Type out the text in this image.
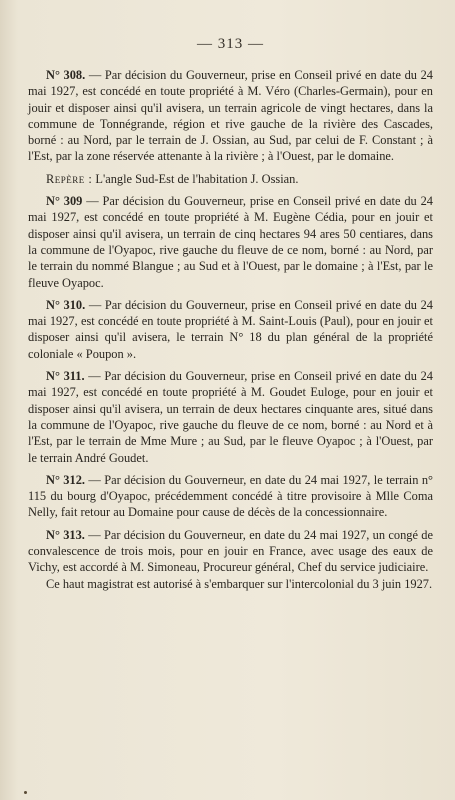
— 313 —

N° 308. — Par décision du Gouverneur, prise en Conseil privé en date du 24 mai 1927, est concédé en toute propriété à M. Véro (Charles-Germain), pour en jouir et disposer ainsi qu'il avisera, un terrain agricole de vingt hectares, dans la commune de Tonnégrande, région et rive gauche de la rivière des Cascades, borné : au Nord, par le terrain de J. Ossian, au Sud, par celui de F. Constant ; à l'Est, par la zone réservée attenante à la rivière ; à l'Ouest, par le domaine.

Repère : L'angle Sud-Est de l'habitation J. Ossian.

N° 309 — Par décision du Gouverneur, prise en Conseil privé en date du 24 mai 1927, est concédé en toute propriété à M. Eugène Cédia, pour en jouir et disposer ainsi qu'il avisera, un terrain de cinq hectares 94 ares 50 centiares, dans la commune de l'Oyapoc, rive gauche du fleuve de ce nom, borné : au Nord, par le terrain du nommé Blangue ; au Sud et à l'Ouest, par le domaine ; à l'Est, par le fleuve Oyapoc.

N° 310. — Par décision du Gouverneur, prise en Conseil privé en date du 24 mai 1927, est concédé en toute propriété à M. Saint-Louis (Paul), pour en jouir et disposer ainsi qu'il avisera, le terrain N° 18 du plan général de la propriété coloniale « Poupon ».

N° 311. — Par décision du Gouverneur, prise en Conseil privé en date du 24 mai 1927, est concédé en toute propriété à M. Goudet Euloge, pour en jouir et disposer ainsi qu'il avisera, un terrain de deux hectares cinquante ares, situé dans la commune de l'Oyapoc, rive gauche du fleuve de ce nom, borné : au Nord et à l'Est, par le terrain de Mme Mure ; au Sud, par le fleuve Oyapoc ; à l'Ouest, par le terrain André Goudet.

N° 312. — Par décision du Gouverneur, en date du 24 mai 1927, le terrain n° 115 du bourg d'Oyapoc, précédemment concédé à titre provisoire à Mlle Coma Nelly, fait retour au Domaine pour cause de décès de la concessionnaire.

N° 313. — Par décision du Gouverneur, en date du 24 mai 1927, un congé de convalescence de trois mois, pour en jouir en France, avec usage des eaux de Vichy, est accordé à M. Simoneau, Procureur général, Chef du service judiciaire.

Ce haut magistrat est autorisé à s'embarquer sur l'intercolonial du 3 juin 1927.
